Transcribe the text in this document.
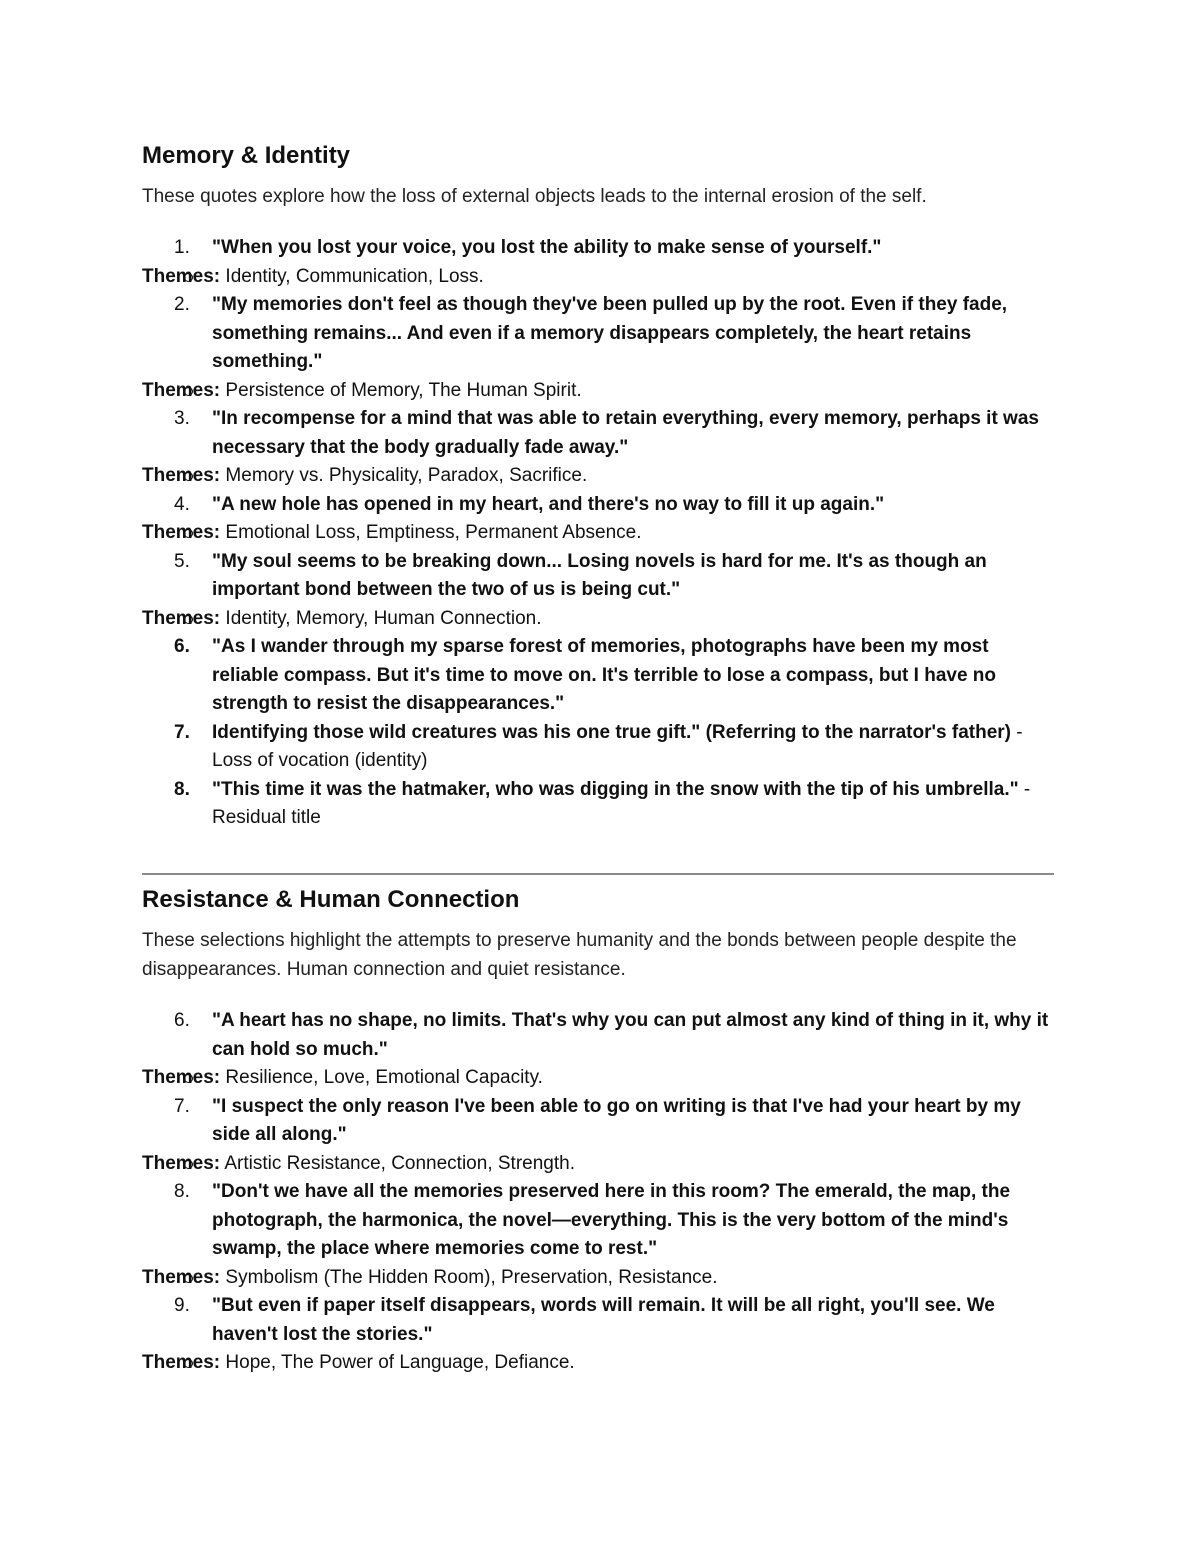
Memory & Identity

These quotes explore how the loss of external objects leads to the internal erosion of the self.

1.	"When you lost your voice, you lost the ability to make sense of yourself."
Themes: Identity, Communication, Loss.
2.	"My memories don't feel as though they've been pulled up by the root. Even if they fade, something remains... And even if a memory disappears completely, the heart retains something."
Themes: Persistence of Memory, The Human Spirit.
3.	"In recompense for a mind that was able to retain everything, every memory, perhaps it was necessary that the body gradually fade away."
Themes: Memory vs. Physicality, Paradox, Sacrifice.
4.	"A new hole has opened in my heart, and there's no way to fill it up again."
Themes: Emotional Loss, Emptiness, Permanent Absence.
5.	"My soul seems to be breaking down... Losing novels is hard for me. It's as though an important bond between the two of us is being cut."
Themes: Identity, Memory, Human Connection.
6.	"As I wander through my sparse forest of memories, photographs have been my most reliable compass. But it's time to move on. It's terrible to lose a compass, but I have no strength to resist the disappearances."
7.	Identifying those wild creatures was his one true gift." (Referring to the narrator's father) - Loss of vocation (identity)
8.	"This time it was the hatmaker, who was digging in the snow with the tip of his umbrella." - Residual title
Resistance & Human Connection

These selections highlight the attempts to preserve humanity and the bonds between people despite the disappearances. Human connection and quiet resistance.

6.	"A heart has no shape, no limits. That's why you can put almost any kind of thing in it, why it can hold so much."
Themes: Resilience, Love, Emotional Capacity.
7.	"I suspect the only reason I've been able to go on writing is that I've had your heart by my side all along."
Themes: Artistic Resistance, Connection, Strength.
8.	"Don't we have all the memories preserved here in this room? The emerald, the map, the photograph, the harmonica, the novel—everything. This is the very bottom of the mind's swamp, the place where memories come to rest."
Themes: Symbolism (The Hidden Room), Preservation, Resistance.
9.	"But even if paper itself disappears, words will remain. It will be all right, you'll see. We haven't lost the stories."
Themes: Hope, The Power of Language, Defiance.
